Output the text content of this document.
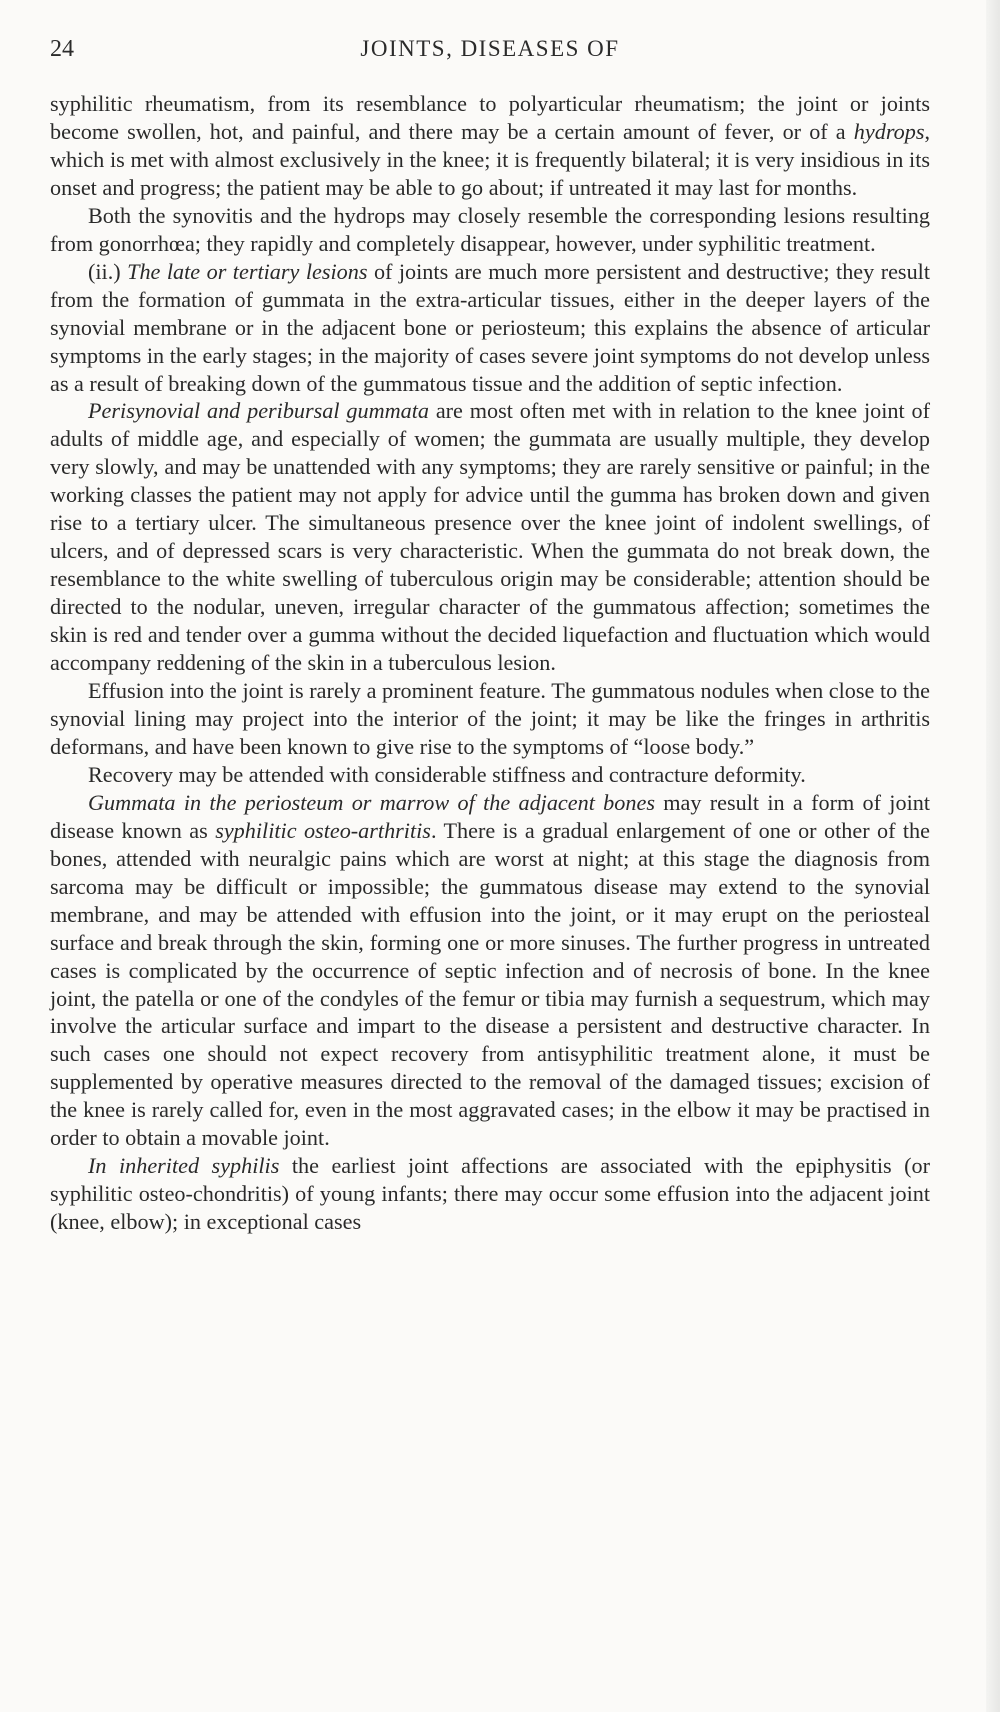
24	JOINTS, DISEASES OF

syphilitic rheumatism, from its resemblance to polyarticular rheumatism; the joint or joints become swollen, hot, and painful, and there may be a certain amount of fever, or of a hydrops, which is met with almost exclusively in the knee; it is frequently bilateral; it is very insidious in its onset and progress; the patient may be able to go about; if untreated it may last for months.

Both the synovitis and the hydrops may closely resemble the corresponding lesions resulting from gonorrhœa; they rapidly and completely disappear, however, under syphilitic treatment.

(ii.) The late or tertiary lesions of joints are much more persistent and destructive; they result from the formation of gummata in the extra-articular tissues, either in the deeper layers of the synovial membrane or in the adjacent bone or periosteum; this explains the absence of articular symptoms in the early stages; in the majority of cases severe joint symptoms do not develop unless as a result of breaking down of the gummatous tissue and the addition of septic infection.

Perisynovial and peribursal gummata are most often met with in relation to the knee joint of adults of middle age, and especially of women; the gummata are usually multiple, they develop very slowly, and may be unattended with any symptoms; they are rarely sensitive or painful; in the working classes the patient may not apply for advice until the gumma has broken down and given rise to a tertiary ulcer. The simultaneous presence over the knee joint of indolent swellings, of ulcers, and of depressed scars is very characteristic. When the gummata do not break down, the resemblance to the white swelling of tuberculous origin may be considerable; attention should be directed to the nodular, uneven, irregular character of the gummatous affection; sometimes the skin is red and tender over a gumma without the decided liquefaction and fluctuation which would accompany reddening of the skin in a tuberculous lesion.

Effusion into the joint is rarely a prominent feature. The gummatous nodules when close to the synovial lining may project into the interior of the joint; it may be like the fringes in arthritis deformans, and have been known to give rise to the symptoms of “loose body.”

Recovery may be attended with considerable stiffness and contracture deformity.

Gummata in the periosteum or marrow of the adjacent bones may result in a form of joint disease known as syphilitic osteo-arthritis. There is a gradual enlargement of one or other of the bones, attended with neuralgic pains which are worst at night; at this stage the diagnosis from sarcoma may be difficult or impossible; the gummatous disease may extend to the synovial membrane, and may be attended with effusion into the joint, or it may erupt on the periosteal surface and break through the skin, forming one or more sinuses. The further progress in untreated cases is complicated by the occurrence of septic infection and of necrosis of bone. In the knee joint, the patella or one of the condyles of the femur or tibia may furnish a sequestrum, which may involve the articular surface and impart to the disease a persistent and destructive character. In such cases one should not expect recovery from antisyphilitic treatment alone, it must be supplemented by operative measures directed to the removal of the damaged tissues; excision of the knee is rarely called for, even in the most aggravated cases; in the elbow it may be practised in order to obtain a movable joint.

In inherited syphilis the earliest joint affections are associated with the epiphysitis (or syphilitic osteo-chondritis) of young infants; there may occur some effusion into the adjacent joint (knee, elbow); in exceptional cases
